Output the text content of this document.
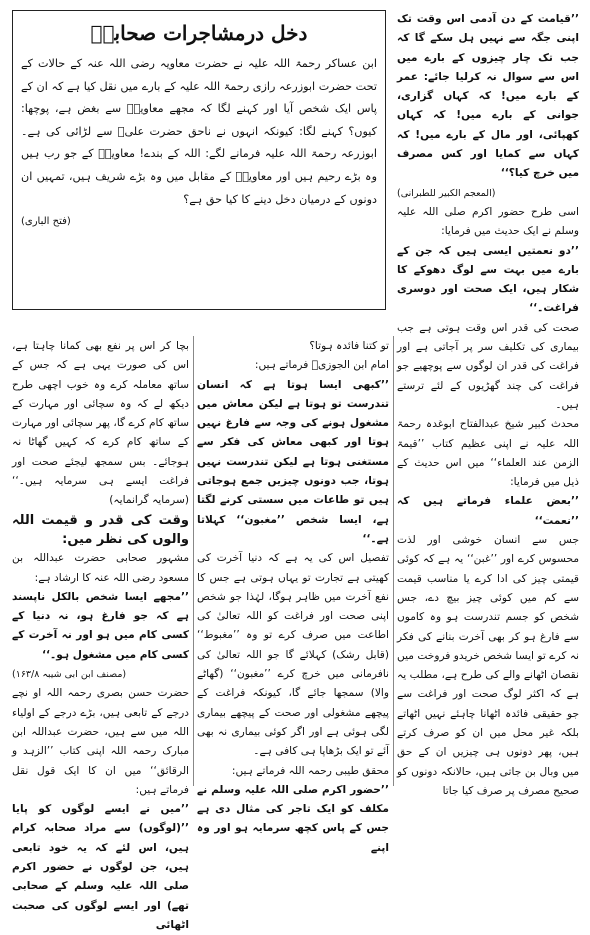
دخل درمشاجرات صحابہؓ

ابن عساکر رحمۃ اللہ علیہ نے حضرت معاویہ رضی اللہ عنہ کے حالات کے تحت حضرت ابوزرعہ رازی رحمۃ اللہ علیہ کے بارے میں نقل کیا ہے کہ ان کے پاس ایک شخص آیا اور کہنے لگا کہ مجھے معاویہؓ سے بغض ہے، پوچھا: کیوں؟ کہنے لگا: کیونکہ انہوں نے ناحق حضرت علیؓ سے لڑائی کی ہے۔ ابوزرعہ رحمۃ اللہ علیہ فرمانے لگے: اللہ کے بندے! معاویہؓ کے جو رب ہیں وہ بڑے رحیم ہیں اور معاویہؓ کے مقابل میں وہ بڑے شریف ہیں، تمہیں ان دونوں کے درمیان دخل دینے کا کیا حق ہے؟

(فتح الباری)

’’قیامت کے دن آدمی اس وقت تک اپنی جگہ سے نہیں ہل سکے گا کہ جب تک چار چیزوں کے بارے میں اس سے سوال نہ کرلیا جائے: عمر کے بارے میں! کہ کہاں گزاری، جوانی کے بارے میں! کہ کہاں کھپائی، اور مال کے بارے میں! کہ کہاں سے کمایا اور کس مصرف میں خرچ کیا؟‘‘

(المعجم الکبیر للطبرانی)

اسی طرح حضور اکرم صلی اللہ علیہ وسلم نے ایک حدیث میں فرمایا:

’’دو نعمتیں ایسی ہیں کہ جن کے بارے میں بہت سے لوگ دھوکے کا شکار ہیں، ایک صحت اور دوسری فراغت۔‘‘

صحت کی قدر اس وقت ہوتی ہے جب بیماری کی تکلیف سر پر آجاتی ہے اور فراغت کی قدر ان لوگوں سے پوچھیے جو فراغت کی چند گھڑیوں کے لئے ترستے ہیں۔

محدث کبیر شیخ عبدالفتاح ابوغدہ رحمۃ اللہ علیہ نے اپنی عظیم کتاب ’’قیمۃ الزمن عند العلماء‘‘ میں اس حدیث کے ذیل میں فرمایا:

’’بعض علماء فرماتے ہیں کہ ’’نعمت‘‘

جس سے انسان خوشی اور لذت محسوس کرے اور ’’غبن‘‘ یہ ہے کہ کوئی قیمتی چیز کی ادا کرے یا مناسب قیمت سے کم میں کوئی چیز بیچ دے، جس شخص کو جسم تندرست ہو وہ کاموں سے فارغ ہو کر بھی آخرت بنانے کی فکر نہ کرے تو ایسا شخص خریدو فروخت میں نقصان اٹھانے والے کی طرح ہے، مطلب یہ ہے کہ اکثر لوگ صحت اور فراغت سے جو حقیقی فائدہ اٹھانا چاہئے نہیں اٹھاتے بلکہ غیر محل میں ان کو صرف کرتے ہیں، پھر دونوں ہی چیزیں ان کے حق میں وبال بن جاتی ہیں، حالانکہ دونوں کو صحیح مصرف پر صرف کیا جاتا

تو کتنا فائدہ ہوتا؟

امام ابن الجوزیؒ فرماتے ہیں:

’’کبھی ایسا ہوتا ہے کہ انسان تندرست تو ہوتا ہے لیکن معاش میں مشغول ہونے کی وجہ سے فارغ نہیں ہوتا اور کبھی معاش کی فکر سے مستغنی ہوتا ہے لیکن تندرست نہیں ہوتا، جب دونوں چیزیں جمع ہوجاتی ہیں تو طاعات میں سستی کرنے لگتا ہے، ایسا شخص ’’مغبون‘‘ کہلاتا ہے۔‘‘

تفصیل اس کی یہ ہے کہ دنیا آخرت کی کھیتی ہے تجارت تو یہاں ہوتی ہے جس کا نفع آخرت میں ظاہر ہوگا، لہٰذا جو شخص اپنی صحت اور فراغت کو اللہ تعالیٰ کی اطاعت میں صرف کرے تو وہ ’’مغبوط‘‘ (قابل رشک) کہلائے گا جو اللہ تعالیٰ کی نافرمانی میں خرچ کرے ’’مغبون‘‘ (گھاٹے والا) سمجھا جائے گا، کیونکہ فراغت کے پیچھے مشغولی اور صحت کے پیچھے بیماری لگی ہوئی ہے اور اگر کوئی بیماری نہ بھی آئے تو ایک بڑھاپا ہی کافی ہے۔

محقق طیبی رحمہ اللہ فرماتے ہیں:

’’حضور اکرم صلی اللہ علیہ وسلم نے مکلف کو ایک تاجر کی مثال دی ہے جس کے پاس کچھ سرمایہ ہو اور وہ اپنے

بچا کر اس پر نفع بھی کمانا چاہتا ہے، اس کی صورت یہی ہے کہ جس کے ساتھ معاملہ کرے وہ خوب اچھی طرح دیکھ لے کہ وہ سچائی اور مہارت کے ساتھ کام کرے گا، پھر سچائی اور مہارت کے ساتھ کام کرے کہ کہیں گھاٹا نہ ہوجائے۔ بس سمجھ لیجئے صحت اور فراغت ایسے ہی سرمایہ ہیں۔‘‘ (سرمایہ گرانمایہ)

وقت کی قدر و قیمت اللہ والوں کی نظر میں:

مشہور صحابی حضرت عبداللہ بن مسعود رضی اللہ عنہ کا ارشاد ہے:

’’مجھے ایسا شخص بالکل ناپسند ہے کہ جو فارغ ہو، نہ دنیا کے کسی کام میں ہو اور نہ آخرت کے کسی کام میں مشغول ہو۔‘‘

(مصنف ابن ابی شیبہ ۱۶۳/۸)

حضرت حسن بصری رحمہ اللہ او نچے درجے کے تابعی ہیں، بڑے درجے کے اولیاء اللہ میں سے ہیں، حضرت عبداللہ ابن مبارک رحمہ اللہ اپنی کتاب ’’الزہد و الرقائق‘‘ میں ان کا ایک قول نقل فرماتے ہیں:

’’میں نے ایسے لوگوں کو پایا ’’(لوگوں) سے مراد صحابہ کرام ہیں، اس لئے کہ یہ خود تابعی ہیں، جن لوگوں نے حضور اکرم صلی اللہ علیہ وسلم کے صحابی تھے) اور ایسے لوگوں کی صحبت اٹھائی
